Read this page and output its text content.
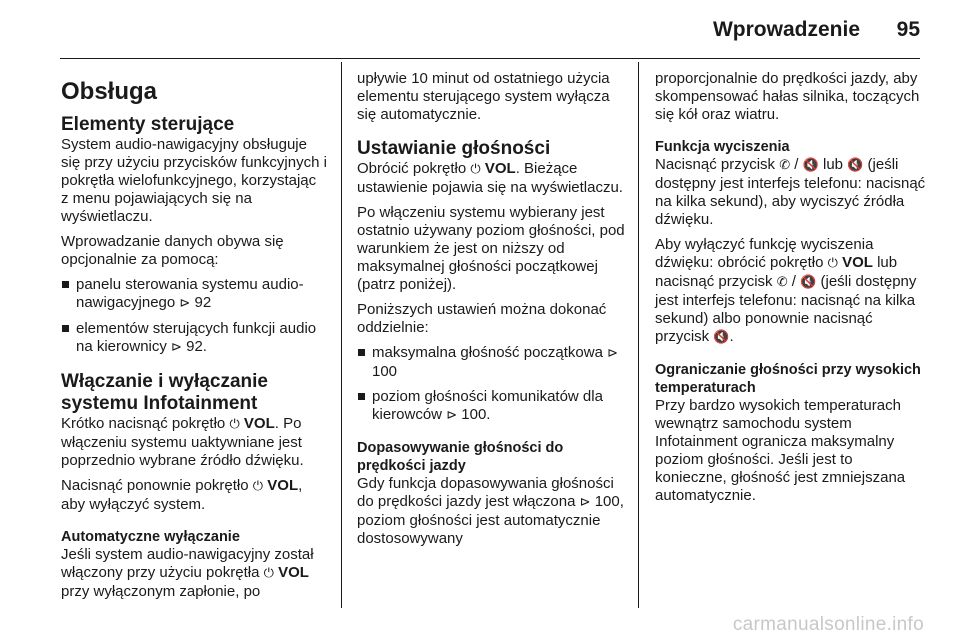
Wprowadzenie 95
Obsługa
Elementy sterujące

System audio-nawigacyjny obsługuje się przy użyciu przycisków funkcyjnych i pokrętła wielofunkcyjnego, korzystając z menu pojawiających się na wyświetlaczu.

Wprowadzanie danych obywa się opcjonalnie za pomocą:

panelu sterowania systemu audio-nawigacyjnego ⊳ 92
elementów sterujących funkcji audio na kierownicy ⊳ 92.
Włączanie i wyłączanie systemu Infotainment

Krótko nacisnąć pokrętło ⏻ VOL. Po włączeniu systemu uaktywniane jest poprzednio wybrane źródło dźwięku.

Nacisnąć ponownie pokrętło ⏻ VOL, aby wyłączyć system.

Automatyczne wyłączanie

Jeśli system audio-nawigacyjny został włączony przy użyciu pokrętła ⏻ VOL przy wyłączonym zapłonie, po

upływie 10 minut od ostatniego użycia elementu sterującego system wyłącza się automatycznie.

Ustawianie głośności

Obrócić pokrętło ⏻ VOL. Bieżące ustawienie pojawia się na wyświetlaczu.

Po włączeniu systemu wybierany jest ostatnio używany poziom głośności, pod warunkiem że jest on niższy od maksymalnej głośności początkowej (patrz poniżej).

Poniższych ustawień można dokonać oddzielnie:

maksymalna głośność początkowa ⊳ 100
poziom głośności komunikatów dla kierowców ⊳ 100.
Dopasowywanie głośności do prędkości jazdy

Gdy funkcja dopasowywania głośności do prędkości jazdy jest włączona ⊳ 100, poziom głośności jest automatycznie dostosowywany

proporcjonalnie do prędkości jazdy, aby skompensować hałas silnika, toczących się kół oraz wiatru.

Funkcja wyciszenia

Nacisnąć przycisk ✆ / 🔇 lub 🔇 (jeśli dostępny jest interfejs telefonu: nacisnąć na kilka sekund), aby wyciszyć źródła dźwięku.

Aby wyłączyć funkcję wyciszenia dźwięku: obrócić pokrętło ⏻ VOL lub nacisnąć przycisk ✆ / 🔇 (jeśli dostępny jest interfejs telefonu: nacisnąć na kilka sekund) albo ponownie nacisnąć przycisk 🔇.

Ograniczanie głośności przy wysokich temperaturach

Przy bardzo wysokich temperaturach wewnątrz samochodu system Infotainment ogranicza maksymalny poziom głośności. Jeśli jest to konieczne, głośność jest zmniejszana automatycznie.

carmanualsonline.info
